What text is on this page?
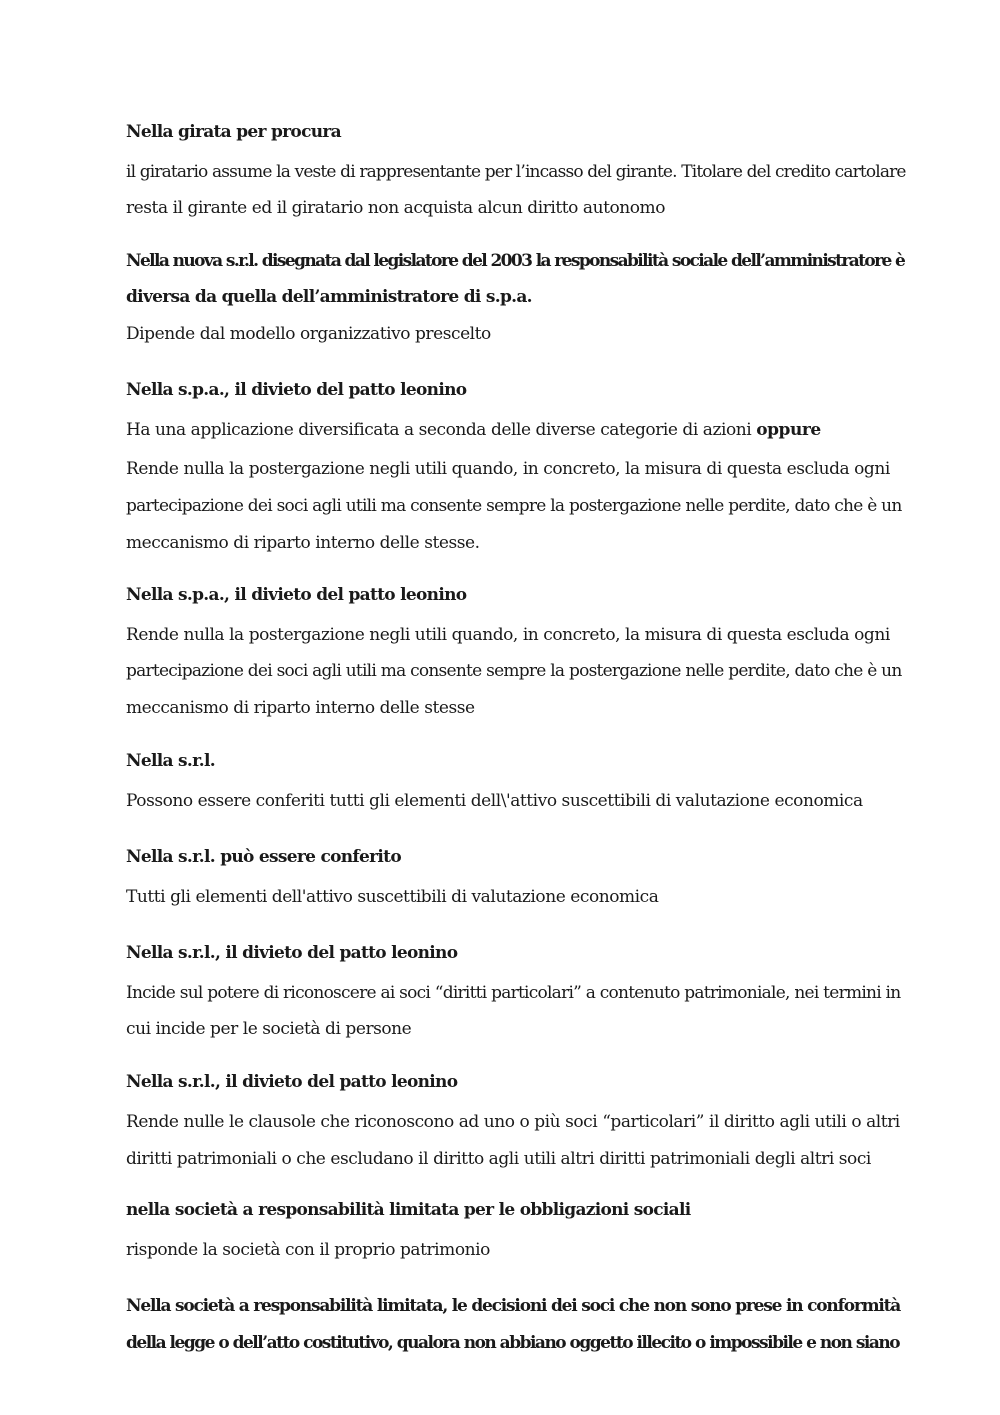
Nella girata per procura
il giratario assume la veste di rappresentante per l’incasso del girante. Titolare del credito cartolare
resta il girante ed il giratario non acquista alcun diritto autonomo
Nella nuova s.r.l. disegnata dal legislatore del 2003 la responsabilità sociale dell’amministratore è
diversa da quella dell’amministratore di s.p.a.
Dipende dal modello organizzativo prescelto
Nella s.p.a., il divieto del patto leonino
Ha una applicazione diversificata a seconda delle diverse categorie di azioni oppure
Rende nulla la postergazione negli utili quando, in concreto, la misura di questa escluda ogni
partecipazione dei soci agli utili ma consente sempre la postergazione nelle perdite, dato che è un
meccanismo di riparto interno delle stesse.
Nella s.p.a., il divieto del patto leonino
Rende nulla la postergazione negli utili quando, in concreto, la misura di questa escluda ogni
partecipazione dei soci agli utili ma consente sempre la postergazione nelle perdite, dato che è un
meccanismo di riparto interno delle stesse
Nella s.r.l.
Possono essere conferiti tutti gli elementi dell\'attivo suscettibili di valutazione economica
Nella s.r.l. può essere conferito
Tutti gli elementi dell'attivo suscettibili di valutazione economica
Nella s.r.l., il divieto del patto leonino
Incide sul potere di riconoscere ai soci “diritti particolari” a contenuto patrimoniale, nei termini in
cui incide per le società di persone
Nella s.r.l., il divieto del patto leonino
Rende nulle le clausole che riconoscono ad uno o più soci “particolari” il diritto agli utili o altri
diritti patrimoniali o che escludano il diritto agli utili altri diritti patrimoniali degli altri soci
nella società a responsabilità limitata per le obbligazioni sociali
risponde la società con il proprio patrimonio
Nella società a responsabilità limitata, le decisioni dei soci che non sono prese in conformità
della legge o dell’atto costitutivo, qualora non abbiano oggetto illecito o impossibile e non siano
